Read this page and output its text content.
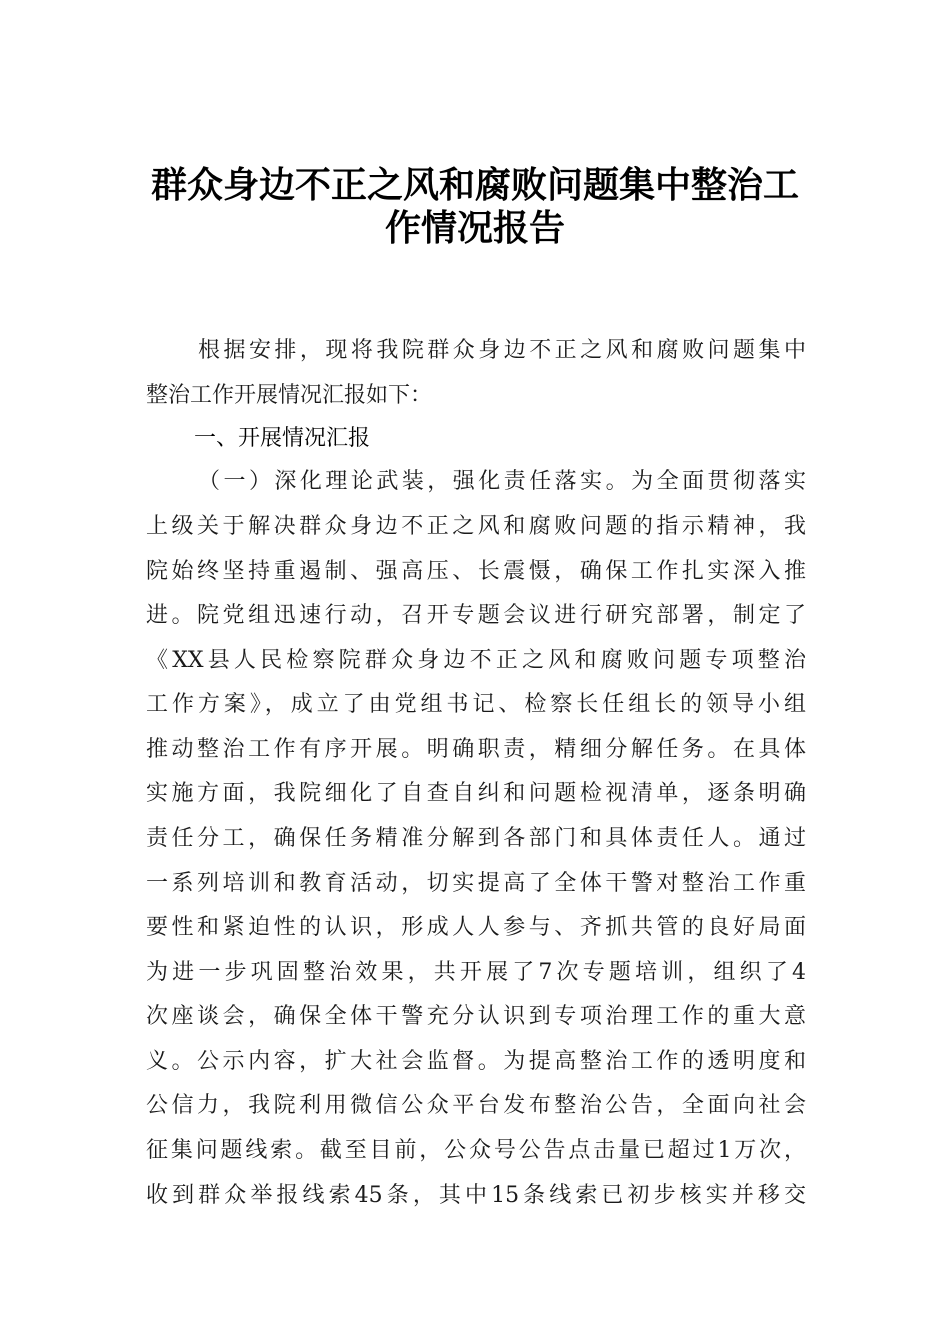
群众身边不正之风和腐败问题集中整治工
作情况报告
根据安排，现将我院群众身边不正之风和腐败问题集中
整治工作开展情况汇报如下：
一、开展情况汇报
（一）深化理论武装，强化责任落实。为全面贯彻落实
上级关于解决群众身边不正之风和腐败问题的指示精神，我
院始终坚持重遏制、强高压、长震慑，确保工作扎实深入推
进。院党组迅速行动，召开专题会议进行研究部署，制定了
《XX县人民检察院群众身边不正之风和腐败问题专项整治
工作方案》，成立了由党组书记、检察长任组长的领导小组
推动整治工作有序开展。明确职责，精细分解任务。在具体
实施方面，我院细化了自查自纠和问题检视清单，逐条明确
责任分工，确保任务精准分解到各部门和具体责任人。通过
一系列培训和教育活动，切实提高了全体干警对整治工作重
要性和紧迫性的认识，形成人人参与、齐抓共管的良好局面
为进一步巩固整治效果，共开展了7次专题培训，组织了4
次座谈会，确保全体干警充分认识到专项治理工作的重大意
义。公示内容，扩大社会监督。为提高整治工作的透明度和
公信力，我院利用微信公众平台发布整治公告，全面向社会
征集问题线索。截至目前，公众号公告点击量已超过1万次，
收到群众举报线索45条，其中15条线索已初步核实并移交
